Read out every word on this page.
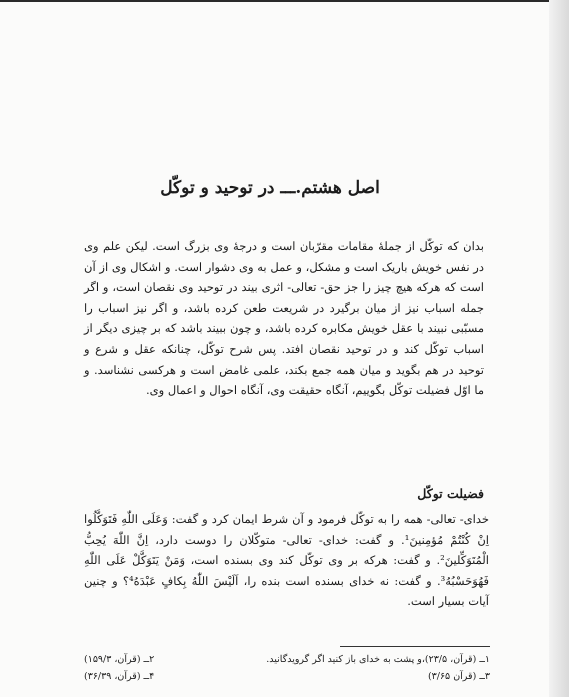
اصل هشتم.ـــ در توحید و توکّل

بدان که توکّل از جملهٔ مقامات مقرّبان است و درجهٔ وی بزرگ است. لیکن علم وی در نفس خویش باریک است و مشکل، و عمل به وی دشوار است. و اشکال وی از آن است که هرکه هیچ چیز را جز حق- تعالی- اثری بیند در توحید وی نقصان است، و اگر جمله اسباب نیز از میان برگیرد در شریعت طعن کرده باشد، و اگر نیز اسباب را مسبّبی نبیند با عقل خویش مکابره کرده باشد، و چون ببیند باشد که بر چیزی دیگر از اسباب توکّل کند و در توحید نقصان افتد. پس شرح توکّل، چنانکه عقل و شرع و توحید در هم بگوید و میان همه جمع بکند، علمی غامض است و هرکسی نشناسد. و ما اوّل فضیلت توکّل بگوییم، آنگاه حقیقت وی، آنگاه احوال و اعمال وی.

فضیلت توکّل

خدای- تعالی- همه را به توکّل فرمود و آن شرط ایمان کرد و گفت: وَعَلَی اللّٰهِ فَتَوَکَّلُوا اِنْ کُنْتُمْ مُؤمِنینَ¹. و گفت: خدای- تعالی- متوکّلان را دوست دارد، اِنَّ اللّٰهَ یُحِبُّ الْمُتَوَکِّلینَ². و گفت: هرکه بر وی توکّل کند وی بسنده است، وَمَنْ یَتَوَکَّلْ عَلَی اللّٰهِ فَهُوَحَسْبُهُ³. و گفت: نه خدای بسنده است بنده را، اَلَیْسَ اللّٰهُ بِکافٍ عَبْدَهُ⁴؟ و چنین آیات بسیار است.

۱ــ (قرآن، ۲۳/۵)،و پشت به خدای باز کنید اگر گرویدگانید.
۲ــ (قرآن، ۱۵۹/۳)
۳ــ (قرآن ۳/۶۵)
۴ــ (قرآن، ۳۶/۳۹)
